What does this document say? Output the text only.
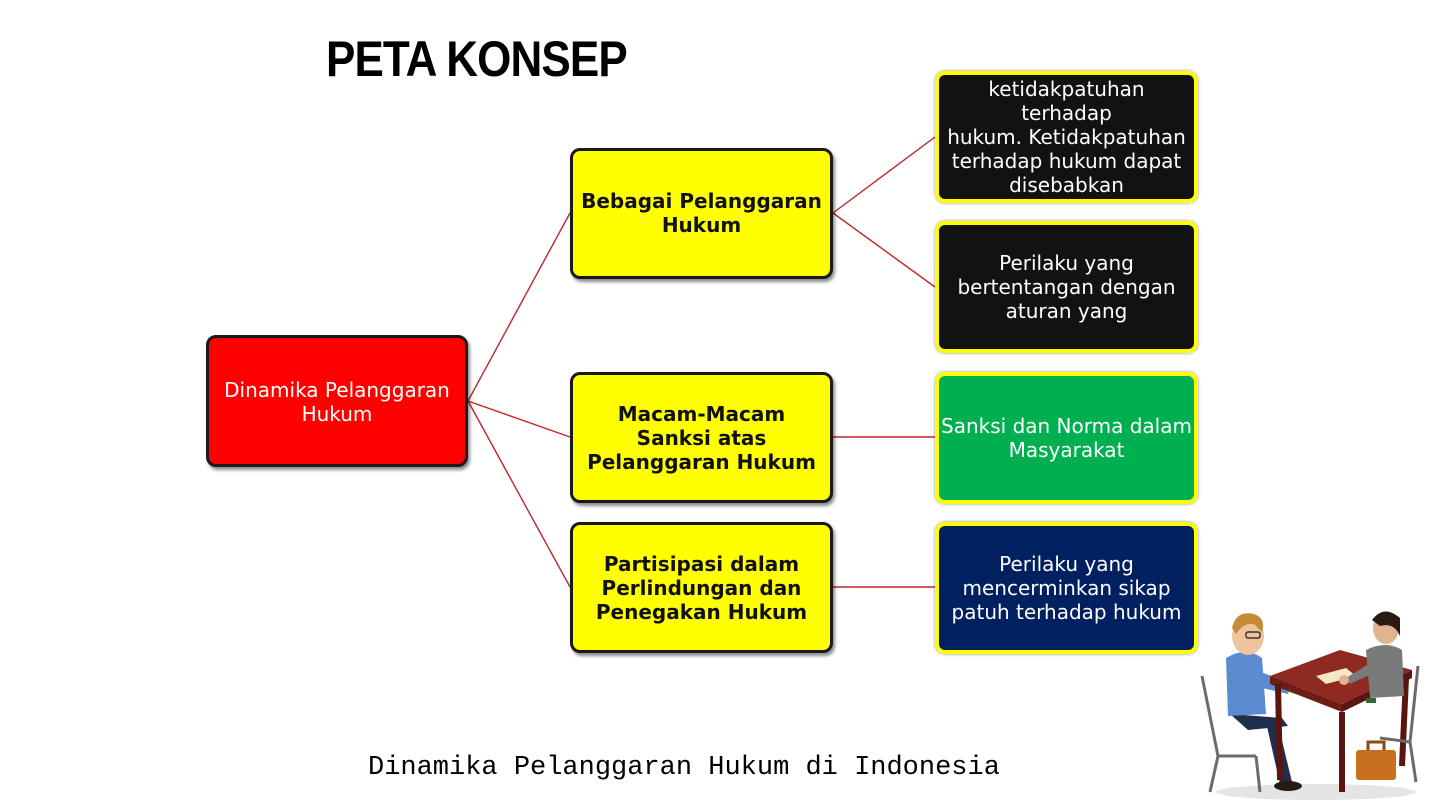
PETA KONSEP
Dinamika Pelanggaran
Hukum
Bebagai Pelanggaran
Hukum
Macam-Macam
Sanksi atas
Pelanggaran Hukum
Partisipasi dalam
Perlindungan dan
Penegakan Hukum
ketidakpatuhan terhadap
hukum. Ketidakpatuhan
terhadap hukum dapat
disebabkan
Perilaku yang
bertentangan dengan
aturan yang
Sanksi dan Norma dalam
Masyarakat
Perilaku yang
mencerminkan sikap
patuh terhadap hukum

Dinamika Pelanggaran Hukum di Indonesia
